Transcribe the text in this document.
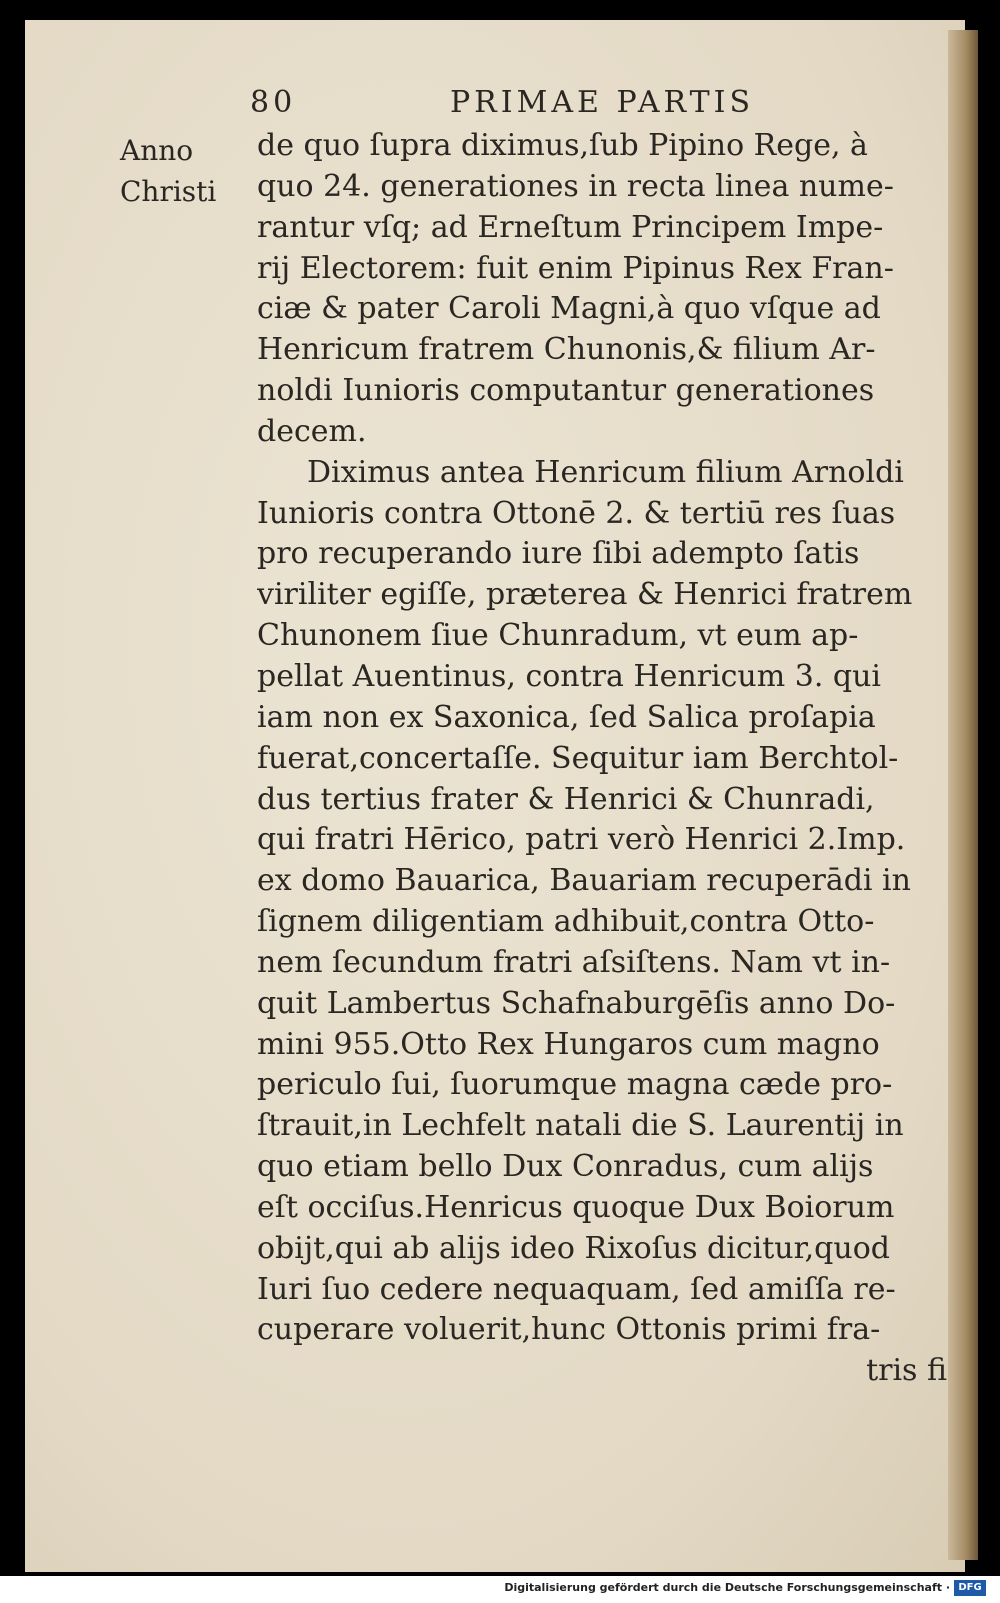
80	PRIMAE PARTIS
Anno
Christi
de quo ſupra diximus,ſub Pipino Rege, à
quo 24. generationes in recta linea nume-
rantur vſq; ad Erneſtum Principem Impe-
rij Electorem: fuit enim Pipinus Rex Fran-
ciæ & pater Caroli Magni,à quo vſque ad
Henricum fratrem Chunonis,& filium Ar-
noldi Iunioris computantur generationes
decem.
Diximus antea Henricum filium Arnoldi
Iunioris contra Ottonē 2. & tertiū res ſuas
pro recuperando iure ſibi adempto ſatis
viriliter egiſſe, præterea & Henrici fratrem
Chunonem ſiue Chunradum, vt eum ap-
pellat Auentinus, contra Henricum 3. qui
iam non ex Saxonica, ſed Salica proſapia
fuerat,concertaſſe. Sequitur iam Berchtol-
dus tertius frater & Henrici & Chunradi,
qui fratri Hērico, patri verò Henrici 2.Imp.
ex domo Bauarica, Bauariam recuperādi in
ſignem diligentiam adhibuit,contra Otto-
nem ſecundum fratri aſsiſtens. Nam vt in-
quit Lambertus Schafnaburgēſis anno Do-
mini 955.Otto Rex Hungaros cum magno
periculo ſui, ſuorumque magna cæde pro-
ſtrauit,in Lechfelt natali die S. Laurentij in
quo etiam bello Dux Conradus, cum alijs
eſt occiſus.Henricus quoque Dux Boiorum
obijt,qui ab alijs ideo Rixoſus dicitur,quod
Iuri ſuo cedere nequaquam, ſed amiſſa re-
cuperare voluerit,hunc Ottonis primi fra-
tris fi
Digitalisierung gefördert durch die Deutsche Forschungsgemeinschaft · DFG
